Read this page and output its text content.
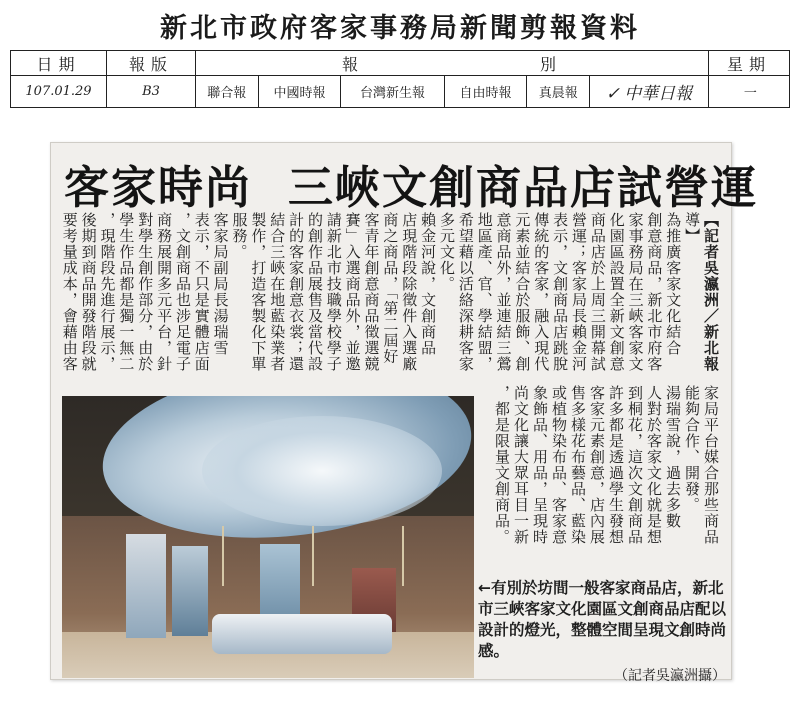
新北市政府客家事務局新聞剪報資料
日期	報版	報　　　　　　　　別						星期
107.01.29	B3	聯合報	中國時報	台灣新生報	自由時報	真晨報	✓ 中華日報	一
客家時尚 三峽文創商品店試營運
【記者吳瀛洲／新北報
導】
為推廣客家文化結合
創意商品，新北市府客
家事務局在三峽客家文
化園區設置全新文創意
商品店於上周三開幕試
營運；客家局長賴金河
表示，文創商品店跳脫
傳統的客家，融入現代
元素並結合於服飾、創
意商品外，並連結三鶯
地區產、官、學結盟，
希望藉以活絡深耕客家
多元文化。
賴金河說，文創商品
店現階段除徵件入選廠
商之商品，「第二屆好
客青年創意商品徵選競
賽」入選商品外，並邀
請新北市技職學校學子
的創作品展售及當代設
計的客家創意衣裳；還
結合三峽在地藍染業者
製作，打造客製化下單
服務。
客家局副局長湯瑞雪
表示，不只是實體店面
，文創商品也涉足電子
商務展開多元平台，針
對學生創作部分，由於
學生作品都是獨一無二
，現階段先進行展示，
後期到商品開發階段就
要考量成本，會藉由客
家局平台媒合那些商品
能夠合作、開發。
湯瑞雪說，過去多數
人對於客家文化就是想
到桐花，這次文創商品
許多都是透過學生發想
客家元素創意，店內展
售多樣花布藝品、藍染
或植物染布品、客家意
象飾品、用品，呈現時
尚文化讓大眾耳目一新
，都是限量文創商品。
←有別於坊間一般客家商品店，新北市三峽客家文化園區文創商品店配以設計的燈光，整體空間呈現文創時尚感。
（記者吳瀛洲攝）
